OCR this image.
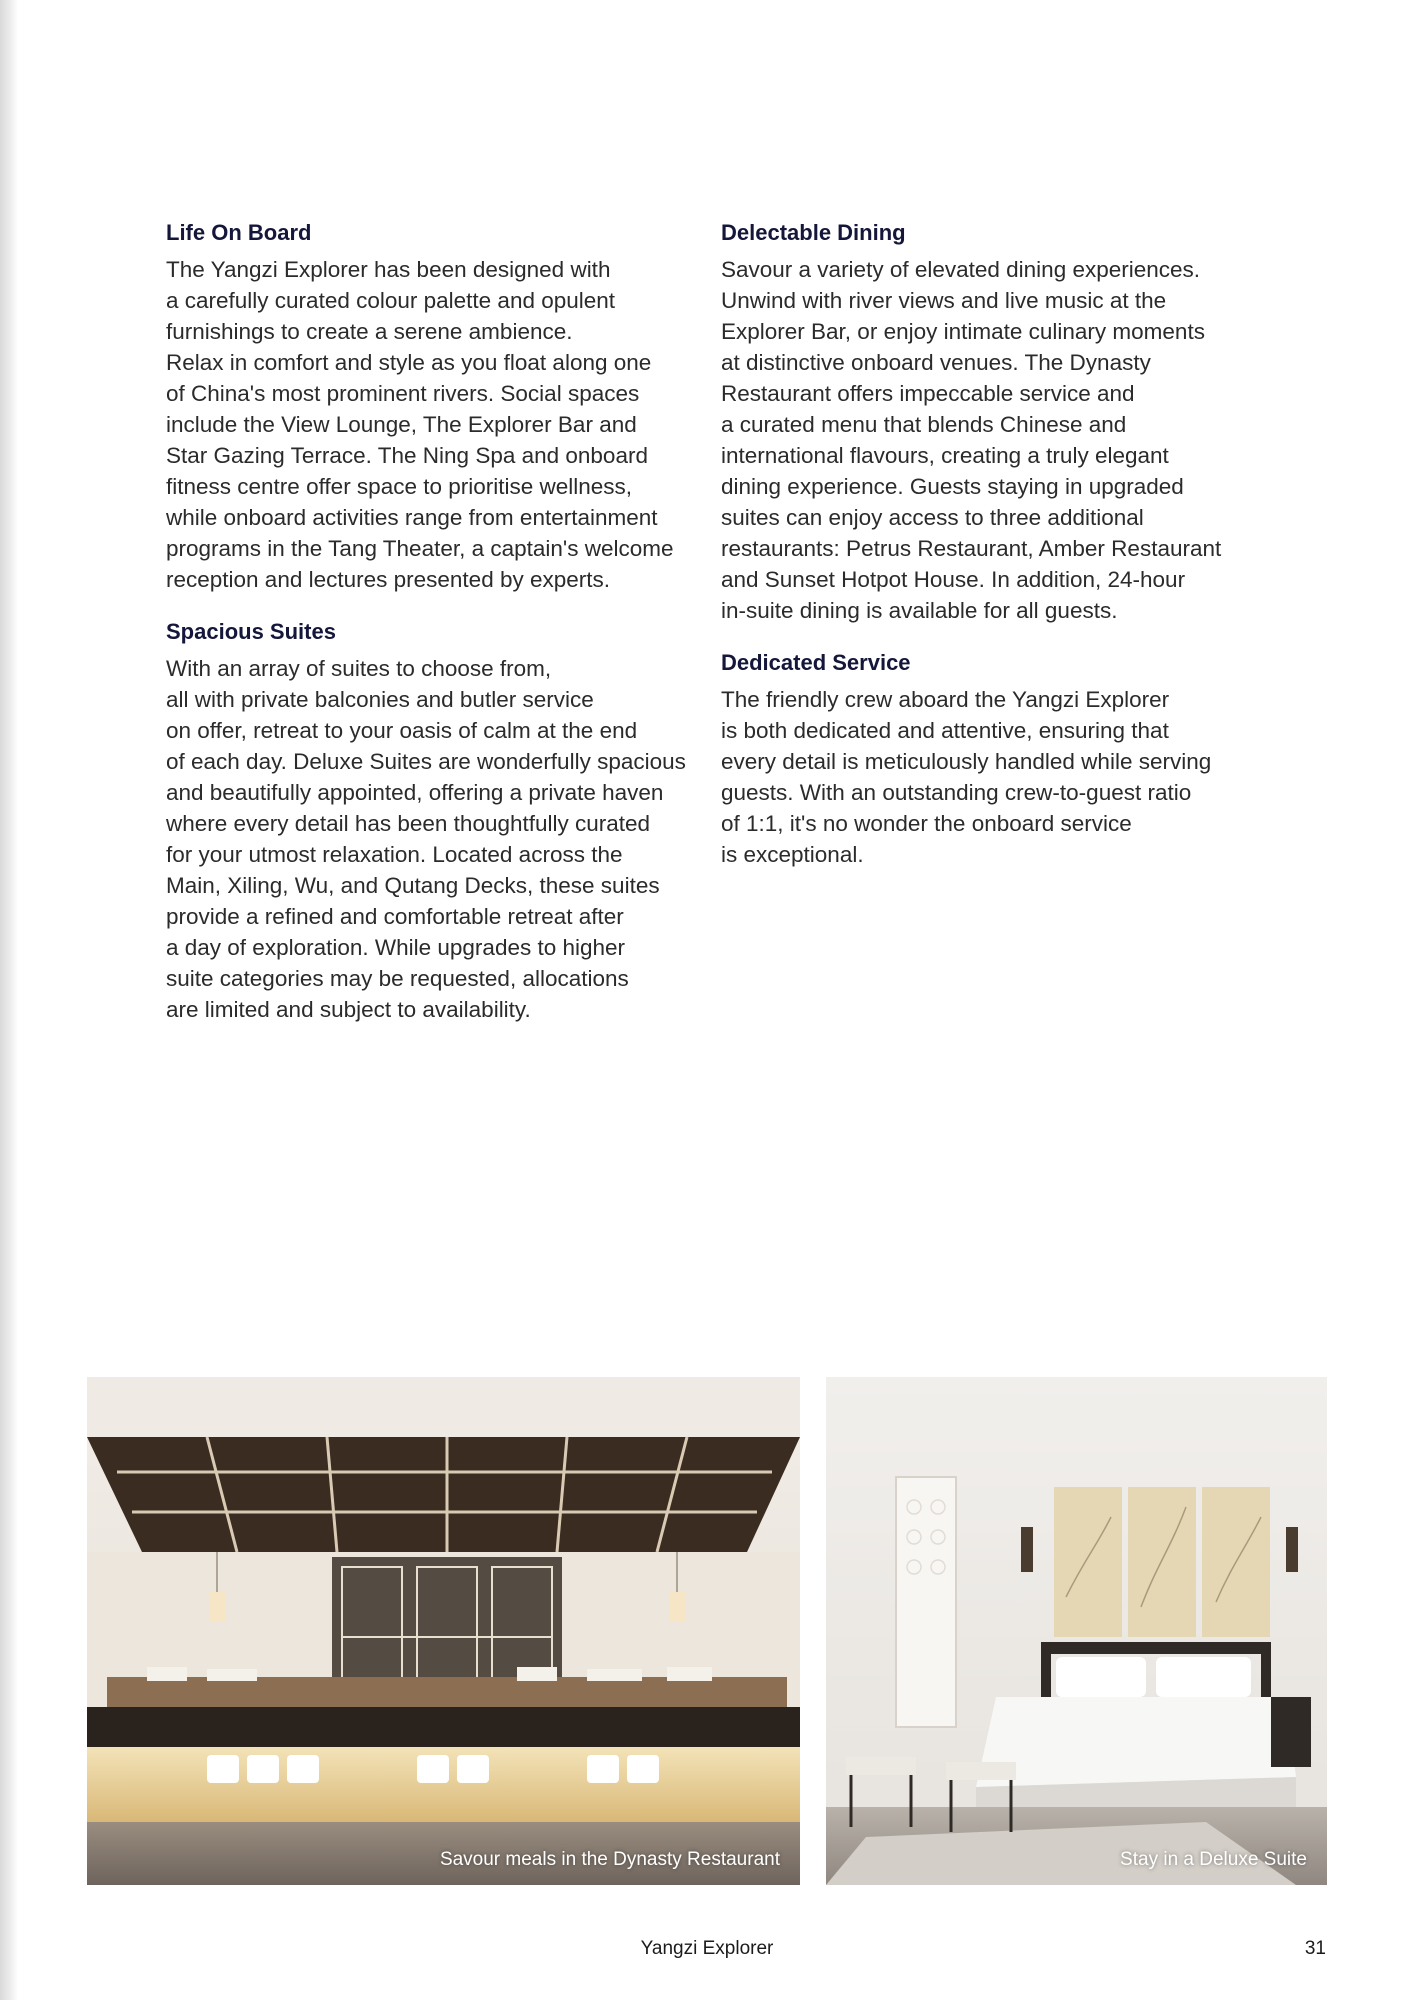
Life On Board

The Yangzi Explorer has been designed with
a carefully curated colour palette and opulent
furnishings to create a serene ambience.
Relax in comfort and style as you float along one
of China's most prominent rivers. Social spaces
include the View Lounge, The Explorer Bar and
Star Gazing Terrace. The Ning Spa and onboard
fitness centre offer space to prioritise wellness,
while onboard activities range from entertainment
programs in the Tang Theater, a captain's welcome
reception and lectures presented by experts.

Spacious Suites

With an array of suites to choose from,
all with private balconies and butler service
on offer, retreat to your oasis of calm at the end
of each day. Deluxe Suites are wonderfully spacious
and beautifully appointed, offering a private haven
where every detail has been thoughtfully curated
for your utmost relaxation. Located across the
Main, Xiling, Wu, and Qutang Decks, these suites
provide a refined and comfortable retreat after
a day of exploration. While upgrades to higher
suite categories may be requested, allocations
are limited and subject to availability.

Delectable Dining

Savour a variety of elevated dining experiences.
Unwind with river views and live music at the
Explorer Bar, or enjoy intimate culinary moments
at distinctive onboard venues. The Dynasty
Restaurant offers impeccable service and
a curated menu that blends Chinese and
international flavours, creating a truly elegant
dining experience. Guests staying in upgraded
suites can enjoy access to three additional
restaurants: Petrus Restaurant, Amber Restaurant
and Sunset Hotpot House. In addition, 24-hour
in-suite dining is available for all guests.

Dedicated Service

The friendly crew aboard the Yangzi Explorer
is both dedicated and attentive, ensuring that
every detail is meticulously handled while serving
guests. With an outstanding crew-to-guest ratio
of 1:1, it's no wonder the onboard service
is exceptional.

Savour meals in the Dynasty Restaurant	Stay in a Deluxe Suite
Yangzi Explorer	31
